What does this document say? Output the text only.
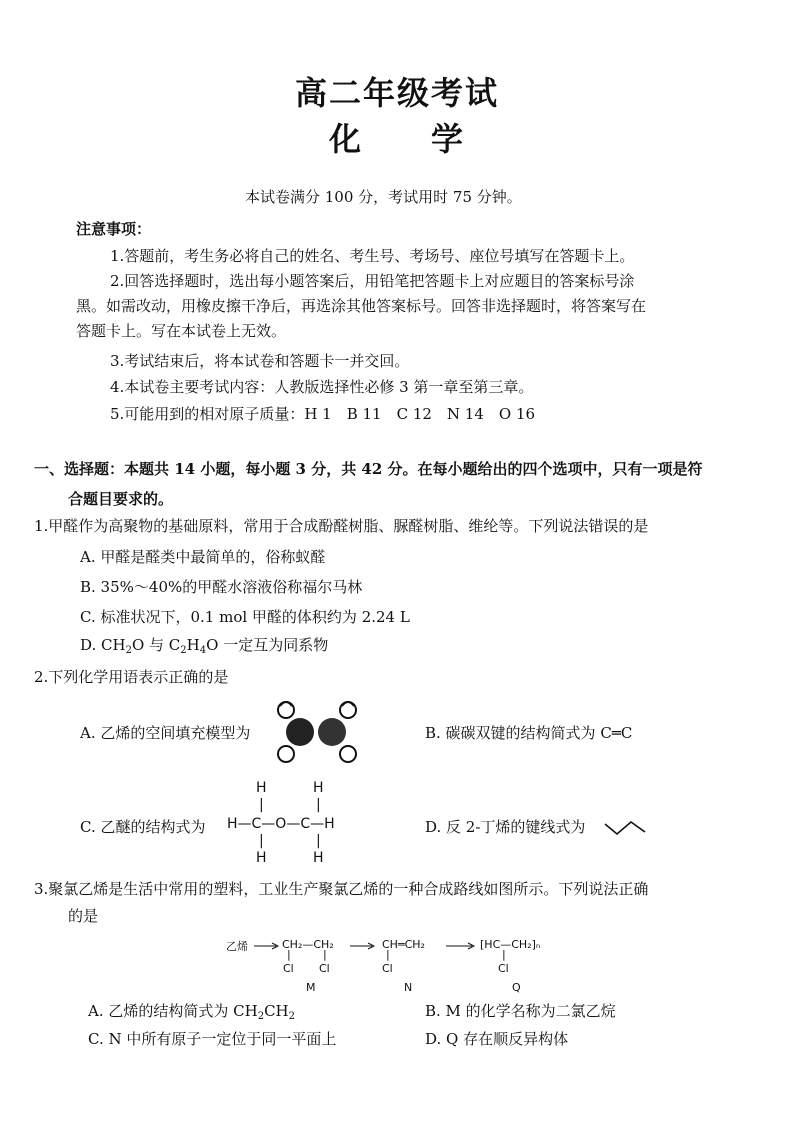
高二年级考试
化　　学
本试卷满分 100 分，考试用时 75 分钟。
注意事项：
1.答题前，考生务必将自己的姓名、考生号、考场号、座位号填写在答题卡上。
2.回答选择题时，选出每小题答案后，用铅笔把答题卡上对应题目的答案标号涂
黑。如需改动，用橡皮擦干净后，再选涂其他答案标号。回答非选择题时，将答案写在
答题卡上。写在本试卷上无效。
3.考试结束后，将本试卷和答题卡一并交回。
4.本试卷主要考试内容：人教版选择性必修 3 第一章至第三章。
5.可能用到的相对原子质量：H 1　B 11　C 12　N 14　O 16
一、选择题：本题共 14 小题，每小题 3 分，共 42 分。在每小题给出的四个选项中，只有一项是符
合题目要求的。
1.甲醛作为高聚物的基础原料，常用于合成酚醛树脂、脲醛树脂、维纶等。下列说法错误的是
A. 甲醛是醛类中最简单的，俗称蚁醛
B. 35%～40%的甲醛水溶液俗称福尔马林
C. 标准状况下，0.1 mol 甲醛的体积约为 2.24 L
D. $CH_2O$ 与 $C_2H_4O$ 一定互为同系物
2.下列化学用语表示正确的是
A. 乙烯的空间填充模型为	B. 碳碳双键的结构简式为 C═C
C. 乙醚的结构式为
H	H
|	|
H—C—O—C—H
|	|
H	H
D. 反 2-丁烯的键线式为
3.聚氯乙烯是生活中常用的塑料，工业生产聚氯乙烯的一种合成路线如图所示。下列说法正确
的是
乙烯	CH₂—CH₂
|	|
Cl Cl
M
CH═CH₂
|
Cl
N
[HC—CH₂]ₙ
|
Cl
Q
A. 乙烯的结构简式为 $CH_2CH_2$	B. M 的化学名称为二氯乙烷
C. N 中所有原子一定位于同一平面上	D. Q 存在顺反异构体
